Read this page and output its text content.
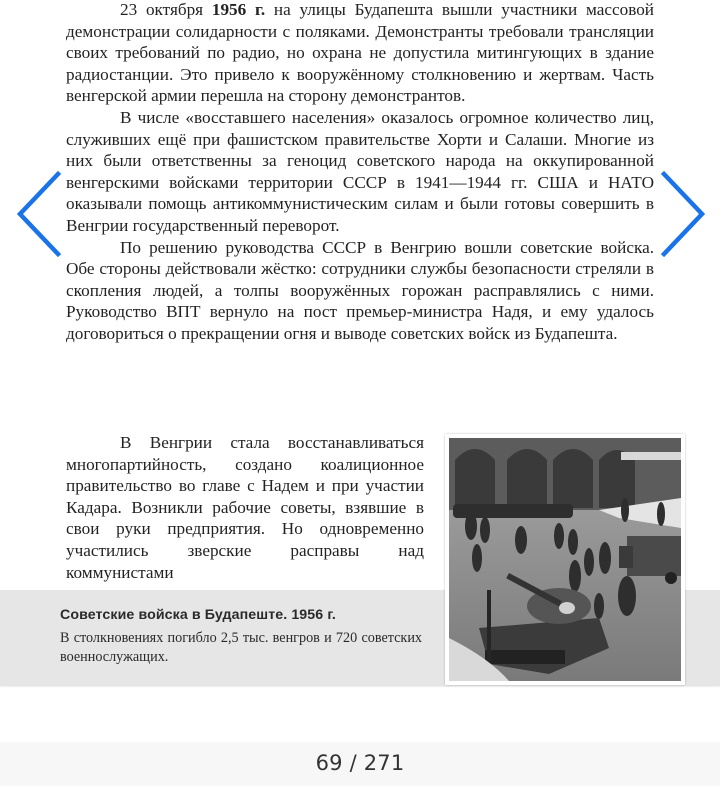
23 октября 1956 г. на улицы Будапешта вышли участники массовой демонстрации солидарности с поляками. Демонстранты требовали трансляции своих требований по радио, но охрана не допустила митингующих в здание радиостанции. Это привело к вооружённому столкновению и жертвам. Часть венгерской армии перешла на сторону демонстрантов.

В числе «восставшего населения» оказалось огромное количество лиц, служивших ещё при фашистском правительстве Хорти и Салаши. Многие из них были ответственны за геноцид советского народа на оккупированной венгерскими войсками территории СССР в 1941—1944 гг. США и НАТО оказывали помощь антикоммунистическим силам и были готовы совершить в Венгрии государственный переворот.

По решению руководства СССР в Венгрию вошли советские войска. Обе стороны действовали жёстко: сотрудники службы безопасности стреляли в скопления людей, а толпы вооружённых горожан расправлялись с ними. Руководство ВПТ вернуло на пост премьер-министра Надя, и ему удалось договориться о прекращении огня и выводе советских войск из Будапешта.

В Венгрии стала восстанавливаться многопартийность, создано коалиционное правительство во главе с Надем и при участии Кадара. Возникли рабочие советы, взявшие в свои руки предприятия. Но одновременно участились зверские расправы над коммунистами

Советские войска в Будапеште. 1956 г.
В столкновениях погибло 2,5 тыс. венгров и 720 советских военнослужащих.
69 / 271
